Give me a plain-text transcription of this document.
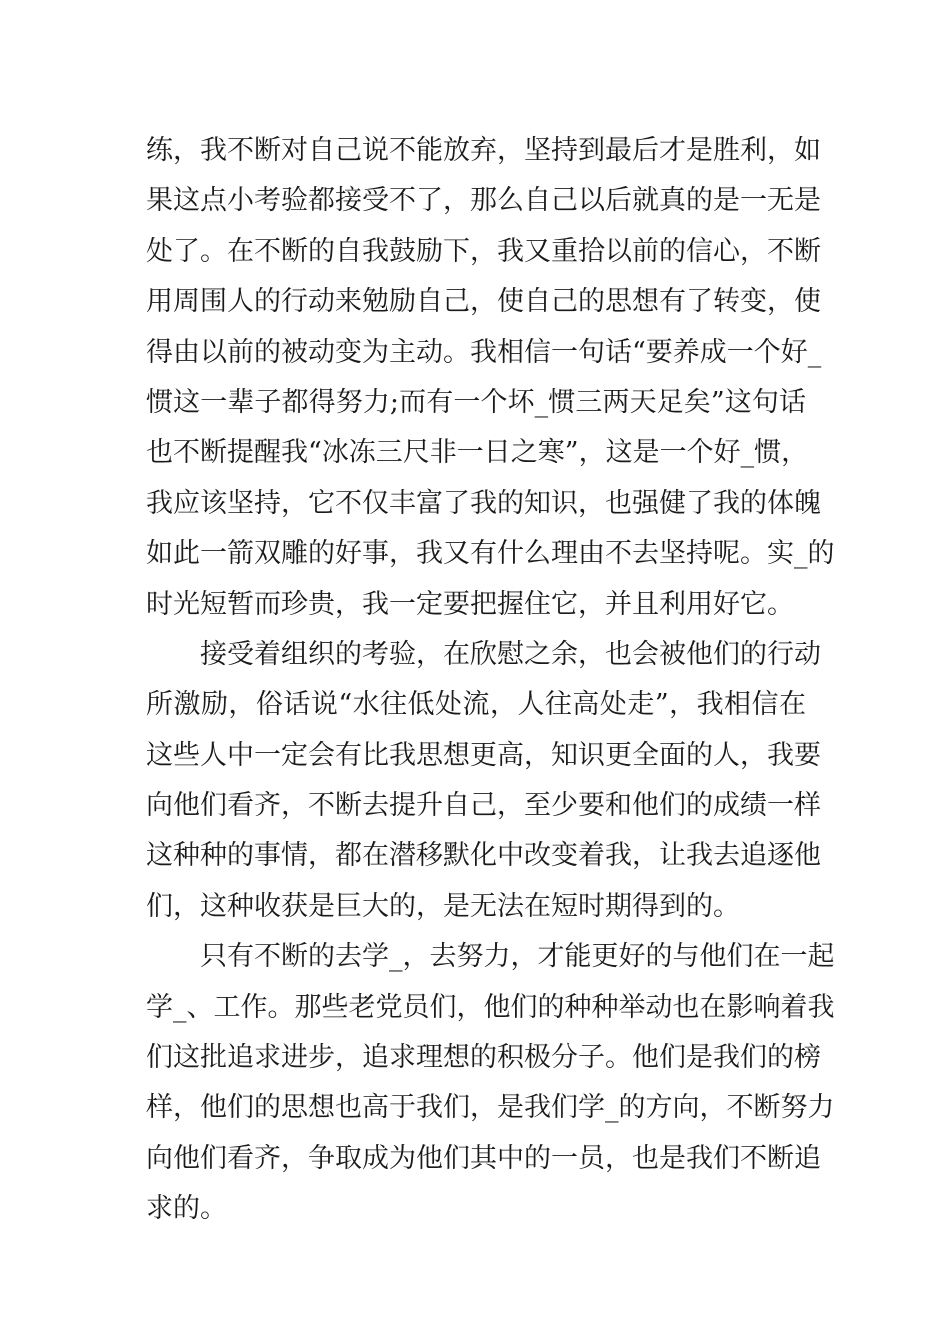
练，我不断对自己说不能放弃，坚持到最后才是胜利，如
果这点小考验都接受不了，那么自己以后就真的是一无是
处了。在不断的自我鼓励下，我又重拾以前的信心，不断
用周围人的行动来勉励自己，使自己的思想有了转变，使
得由以前的被动变为主动。我相信一句话“要养成一个好_
惯这一辈子都得努力;而有一个坏_惯三两天足矣”这句话
也不断提醒我“冰冻三尺非一日之寒”，这是一个好_惯，
我应该坚持，它不仅丰富了我的知识，也强健了我的体魄
如此一箭双雕的好事，我又有什么理由不去坚持呢。实_的
时光短暂而珍贵，我一定要把握住它，并且利用好它。
接受着组织的考验，在欣慰之余，也会被他们的行动
所激励，俗话说“水往低处流，人往高处走”，我相信在
这些人中一定会有比我思想更高，知识更全面的人，我要
向他们看齐，不断去提升自己，至少要和他们的成绩一样
这种种的事情，都在潜移默化中改变着我，让我去追逐他
们，这种收获是巨大的，是无法在短时期得到的。
只有不断的去学_，去努力，才能更好的与他们在一起
学_、工作。那些老党员们，他们的种种举动也在影响着我
们这批追求进步，追求理想的积极分子。他们是我们的榜
样，他们的思想也高于我们，是我们学_的方向，不断努力
向他们看齐，争取成为他们其中的一员，也是我们不断追
求的。
